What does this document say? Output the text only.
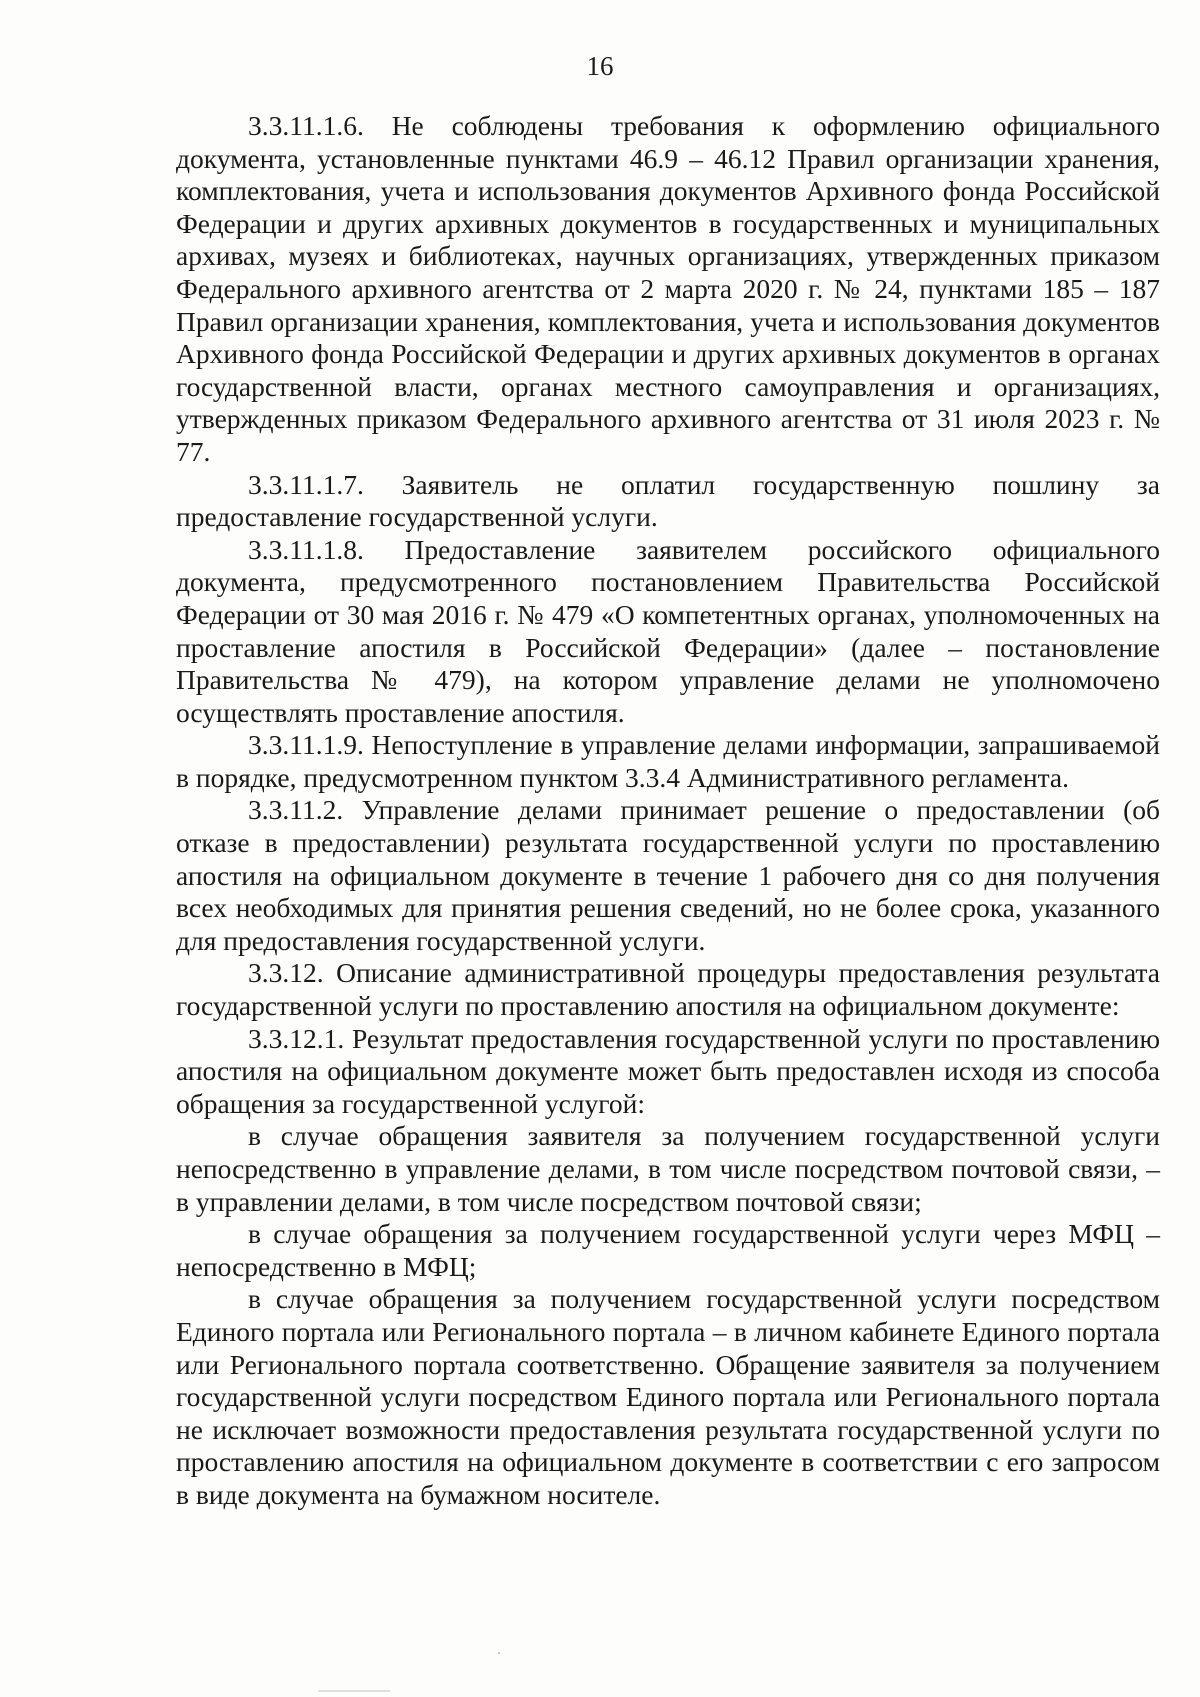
16

3.3.11.1.6. Не соблюдены требования к оформлению официального документа, установленные пунктами 46.9 – 46.12 Правил организации хранения, комплектования, учета и использования документов Архивного фонда Российской Федерации и других архивных документов в государственных и муниципальных архивах, музеях и библиотеках, научных организациях, утвержденных приказом Федерального архивного агентства от 2 марта 2020 г. № 24, пунктами 185 – 187 Правил организации хранения, комплектования, учета и использования документов Архивного фонда Российской Федерации и других архивных документов в органах государственной власти, органах местного самоуправления и организациях, утвержденных приказом Федерального архивного агентства от 31 июля 2023 г. № 77.

3.3.11.1.7. Заявитель не оплатил государственную пошлину за предоставление государственной услуги.

3.3.11.1.8. Предоставление заявителем российского официального документа, предусмотренного постановлением Правительства Российской Федерации от 30 мая 2016 г. № 479 «О компетентных органах, уполномоченных на проставление апостиля в Российской Федерации» (далее – постановление Правительства № 479), на котором управление делами не уполномочено осуществлять проставление апостиля.

3.3.11.1.9. Непоступление в управление делами информации, запрашиваемой в порядке, предусмотренном пунктом 3.3.4 Административного регламента.

3.3.11.2. Управление делами принимает решение о предоставлении (об отказе в предоставлении) результата государственной услуги по проставлению апостиля на официальном документе в течение 1 рабочего дня со дня получения всех необходимых для принятия решения сведений, но не более срока, указанного для предоставления государственной услуги.

3.3.12. Описание административной процедуры предоставления результата государственной услуги по проставлению апостиля на официальном документе:

3.3.12.1. Результат предоставления государственной услуги по проставлению апостиля на официальном документе может быть предоставлен исходя из способа обращения за государственной услугой:

в случае обращения заявителя за получением государственной услуги непосредственно в управление делами, в том числе посредством почтовой связи, – в управлении делами, в том числе посредством почтовой связи;

в случае обращения за получением государственной услуги через МФЦ – непосредственно в МФЦ;

в случае обращения за получением государственной услуги посредством Единого портала или Регионального портала – в личном кабинете Единого портала или Регионального портала соответственно. Обращение заявителя за получением государственной услуги посредством Единого портала или Регионального портала не исключает возможности предоставления результата государственной услуги по проставлению апостиля на официальном документе в соответствии с его запросом в виде документа на бумажном носителе.
